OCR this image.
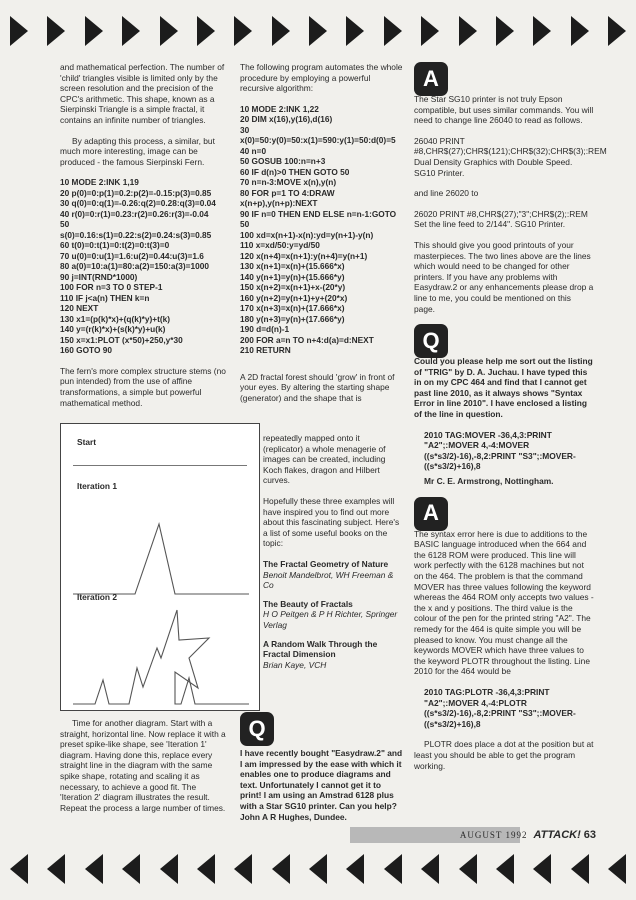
and mathematical perfection. The number of 'child' triangles visible is limited only by the screen resolution and the precision of the CPC's arithmetic. This shape, known as a Sierpinski Triangle is a simple fractal, it contains an infinite number of triangles.

By adapting this process, a similar, but much more interesting, image can be produced - the famous Sierpinski Fern.

10 MODE 2:INK 1,19
20 p(0)=0:p(1)=0.2:p(2)=-0.15:p(3)=0.85
30 q(0)=0:q(1)=-0.26:q(2)=0.28:q(3)=0.04
40 r(0)=0:r(1)=0.23:r(2)=0.26:r(3)=-0.04
50
s(0)=0.16:s(1)=0.22:s(2)=0.24:s(3)=0.85
60 t(0)=0:t(1)=0:t(2)=0:t(3)=0
70 u(0)=0:u(1)=1.6:u(2)=0.44:u(3)=1.6
80 a(0)=10:a(1)=80:a(2)=150:a(3)=1000
90 j=INT(RND*1000)
100 FOR n=3 TO 0 STEP-1
110 IF j<a(n) THEN k=n
120 NEXT
130 x1=(p(k)*x)+(q(k)*y)+t(k)
140 y=(r(k)*x)+(s(k)*y)+u(k)
150 x=x1:PLOT (x*50)+250,y*30
160 GOTO 90

The fern's more complex structure stems (no pun intended) from the use of affine transformations, a simple but powerful mathematical method.

Start
Iteration 1
Iteration 2

Time for another diagram. Start with a straight, horizontal line. Now replace it with a preset spike-like shape, see 'Iteration 1' diagram. Having done this, replace every straight line in the diagram with the same spike shape, rotating and scaling it as necessary, to achieve a good fit. The 'Iteration 2' diagram illustrates the result. Repeat the process a large number of times.

The following program automates the whole procedure by employing a powerful recursive algorithm:

10 MODE 2:INK 1,22
20 DIM x(16),y(16),d(16)
30
x(0)=50:y(0)=50:x(1)=590:y(1)=50:d(0)=5
40 n=0
50 GOSUB 100:n=n+3
60 IF d(n)>0 THEN GOTO 50
70 n=n-3:MOVE x(n),y(n)
80 FOR p=1 TO 4:DRAW
x(n+p),y(n+p):NEXT
90 IF n=0 THEN END ELSE n=n-1:GOTO
50
100 xd=x(n+1)-x(n):yd=y(n+1)-y(n)
110 x=xd/50:y=yd/50
120 x(n+4)=x(n+1):y(n+4)=y(n+1)
130 x(n+1)=x(n)+(15.666*x)
140 y(n+1)=y(n)+(15.666*y)
150 x(n+2)=x(n+1)+x-(20*y)
160 y(n+2)=y(n+1)+y+(20*x)
170 x(n+3)=x(n)+(17.666*x)
180 y(n+3)=y(n)+(17.666*y)
190 d=d(n)-1
200 FOR a=n TO n+4:d(a)=d:NEXT
210 RETURN

A 2D fractal forest should 'grow' in front of your eyes. By altering the starting shape (generator) and the shape that is

repeatedly mapped onto it (replicator) a whole menagerie of images can be created, including Koch flakes, dragon and Hilbert curves.

Hopefully these three examples will have inspired you to find out more about this fascinating subject. Here's a list of some useful books on the topic:

The Fractal Geometry of Nature
Benoit Mandelbrot, WH Freeman & Co
The Beauty of Fractals
H O Peitgen & P H Richter, Springer Verlag
A Random Walk Through the Fractal Dimension
Brian Kaye, VCH
Q
I have recently bought "Easydraw.2" and I am impressed by the ease with which it enables one to produce diagrams and text. Unfortunately I cannot get it to print! I am using an Amstrad 6128 plus with a Star SG10 printer. Can you help?
John A R Hughes, Dundee.
A

The Star SG10 printer is not truly Epson compatible, but uses similar commands. You will need to change line 26040 to read as follows.

26040 PRINT #8,CHR$(27);CHR$(121);CHR$(32);CHR$(3);:REM Dual Density Graphics with Double Speed. SG10 Printer.

and line 26020 to

26020 PRINT #8,CHR$(27);"3";CHR$(2);:REM Set the line feed to 2/144". SG10 Printer.

This should give you good printouts of your masterpieces. The two lines above are the lines which would need to be changed for other printers. If you have any problems with Easydraw.2 or any enhancements please drop a line to me, you could be mentioned on this page.

Q

Could you please help me sort out the listing of "TRIG" by D. A. Juchau. I have typed this in on my CPC 464 and find that I cannot get past line 2010, as it always shows "Syntax Error in line 2010". I have enclosed a listing of the line in question.

2010 TAG:MOVER -36,4,3:PRINT "A2";:MOVER 4,-4:MOVER ((s*s3/2)-16),-8,2:PRINT "S3";:MOVER-((s*s3/2)+16),8

Mr C. E. Armstrong, Nottingham.

A

The syntax error here is due to additions to the BASIC language introduced when the 664 and the 6128 ROM were produced. This line will work perfectly with the 6128 machines but not on the 464. The problem is that the command MOVER has three values following the keyword whereas the 464 ROM only accepts two values - the x and y positions. The third value is the colour of the pen for the printed string "A2". The remedy for the 464 is quite simple you will be pleased to know. You must change all the keywords MOVER which have three values to the keyword PLOTR throughout the listing. Line 2010 for the 464 would be

2010 TAG:PLOTR -36,4,3:PRINT "A2";:MOVER 4,-4:PLOTR ((s*s3/2)-16),-8,2:PRINT "S3";:MOVER-((s*s3/2)+16),8

PLOTR does place a dot at the position but at least you should be able to get the program working.

AUGUST 1992 ATTACK! 63
